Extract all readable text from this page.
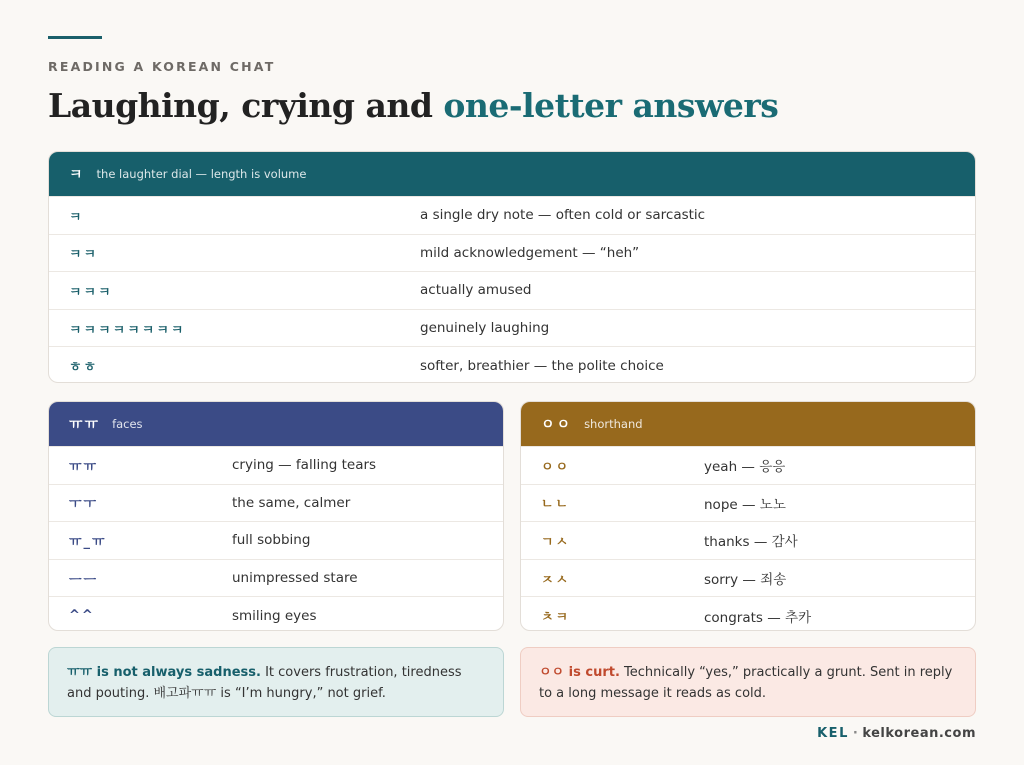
READING A KOREAN CHAT
Laughing, crying and one-letter answers
ㅋ the laughter dial — length is volume
ㅋ	a single dry note — often cold or sarcastic
ㅋㅋ	mild acknowledgement — “heh”
ㅋㅋㅋ	actually amused
ㅋㅋㅋㅋㅋㅋㅋㅋ	genuinely laughing
ㅎㅎ	softer, breathier — the polite choice
ㅠㅠ faces
ㅠㅠ	crying — falling tears
ㅜㅜ	the same, calmer
ㅠ_ㅠ	full sobbing
ㅡㅡ	unimpressed stare
^^	smiling eyes
ㅇㅇ shorthand
ㅇㅇ	yeah — 응응
ㄴㄴ	nope — 노노
ㄱㅅ	thanks — 감사
ㅈㅅ	sorry — 죄송
ㅊㅋ	congrats — 추카
ㅠㅠ is not always sadness. It covers frustration, tiredness and pouting. 배고파ㅠㅠ is “I’m hungry,” not grief.
ㅇㅇ is curt. Technically “yes,” practically a grunt. Sent in reply to a long message it reads as cold.
KEL · kelkorean.com
